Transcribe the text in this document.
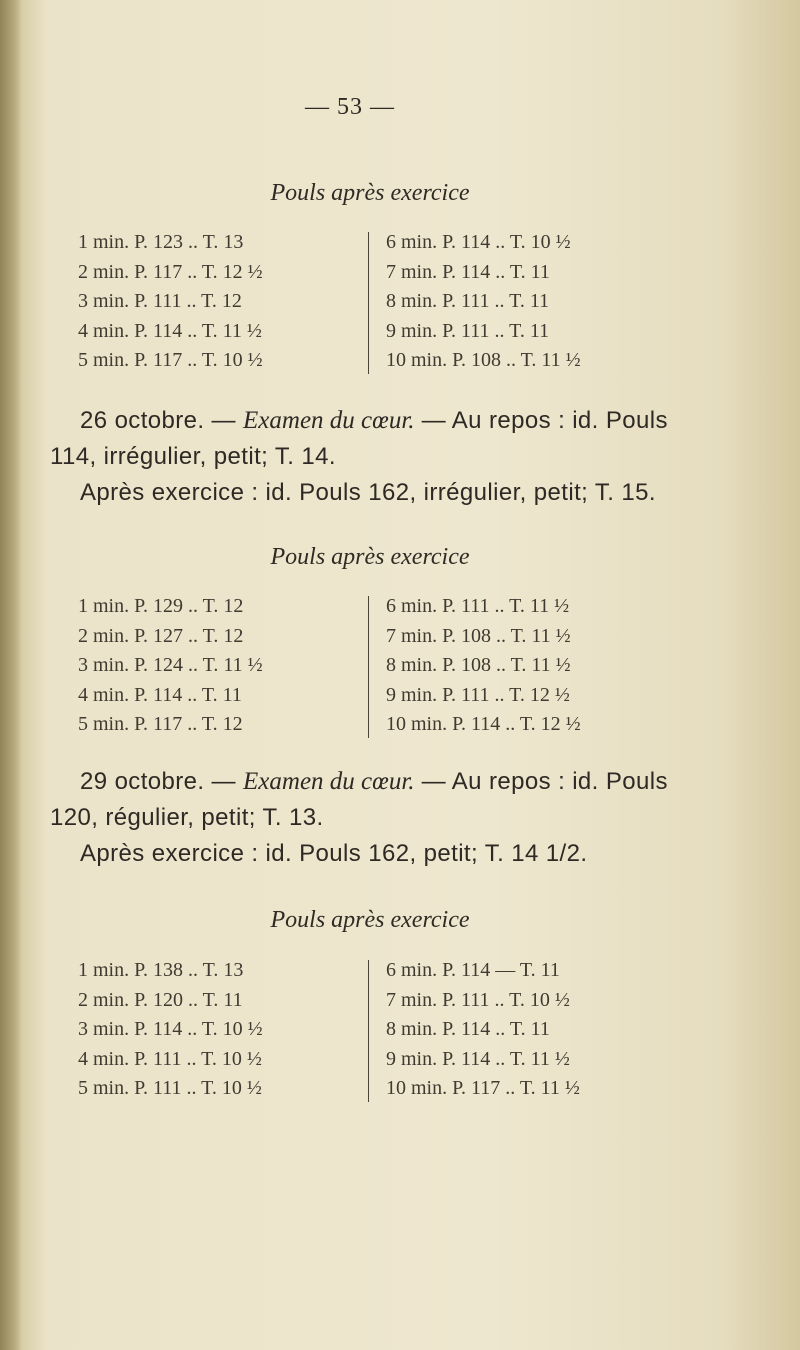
— 53 —
Pouls après exercice
1 min. P. 123 .. T. 13
2 min. P. 117 .. T. 12 ½
3 min. P. 111 .. T. 12
4 min. P. 114 .. T. 11 ½
5 min. P. 117 .. T. 10 ½
6 min. P. 114 .. T. 10 ½
7 min. P. 114 .. T. 11
8 min. P. 111 .. T. 11
9 min. P. 111 .. T. 11
10 min. P. 108 .. T. 11 ½
26 octobre. — Examen du cœur. — Au repos : id. Pouls
114, irrégulier, petit; T. 14.
Après exercice : id. Pouls 162, irrégulier, petit; T. 15.
Pouls après exercice
1 min. P. 129 .. T. 12
2 min. P. 127 .. T. 12
3 min. P. 124 .. T. 11 ½
4 min. P. 114 .. T. 11
5 min. P. 117 .. T. 12
6 min. P. 111 .. T. 11 ½
7 min. P. 108 .. T. 11 ½
8 min. P. 108 .. T. 11 ½
9 min. P. 111 .. T. 12 ½
10 min. P. 114 .. T. 12 ½
29 octobre. — Examen du cœur. — Au repos : id. Pouls
120, régulier, petit; T. 13.
Après exercice : id. Pouls 162, petit; T. 14 1/2.
Pouls après exercice
1 min. P. 138 .. T. 13
2 min. P. 120 .. T. 11
3 min. P. 114 .. T. 10 ½
4 min. P. 111 .. T. 10 ½
5 min. P. 111 .. T. 10 ½
6 min. P. 114 — T. 11
7 min. P. 111 .. T. 10 ½
8 min. P. 114 .. T. 11
9 min. P. 114 .. T. 11 ½
10 min. P. 117 .. T. 11 ½
